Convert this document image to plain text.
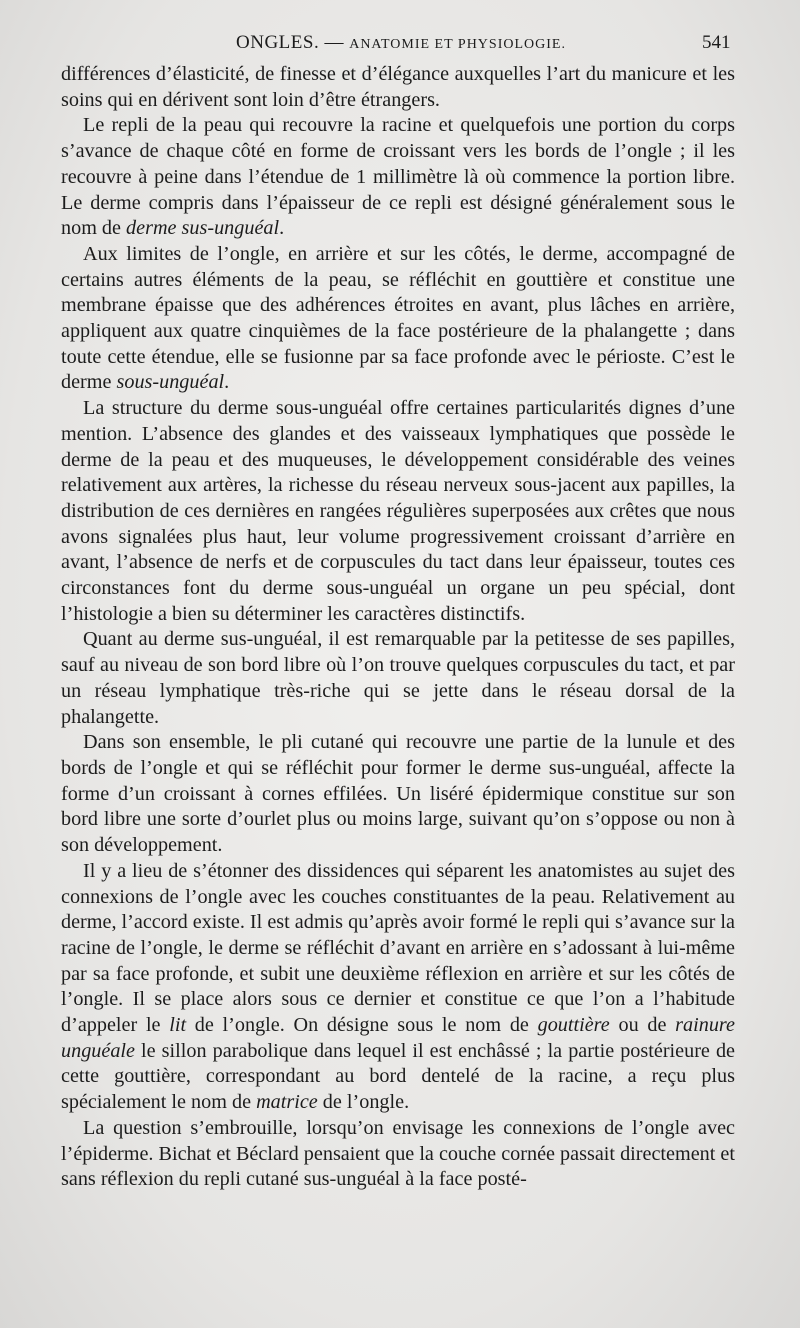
ONGLES. — ANATOMIE ET PHYSIOLOGIE.	541

différences d’élasticité, de finesse et d’élégance auxquelles l’art du manicure et les soins qui en dérivent sont loin d’être étrangers.

Le repli de la peau qui recouvre la racine et quelquefois une portion du corps s’avance de chaque côté en forme de croissant vers les bords de l’ongle ; il les recouvre à peine dans l’étendue de 1 millimètre là où commence la portion libre. Le derme compris dans l’épaisseur de ce repli est désigné généralement sous le nom de derme sus-unguéal.

Aux limites de l’ongle, en arrière et sur les côtés, le derme, accompagné de certains autres éléments de la peau, se réfléchit en gouttière et constitue une membrane épaisse que des adhérences étroites en avant, plus lâches en arrière, appliquent aux quatre cinquièmes de la face postérieure de la phalangette ; dans toute cette étendue, elle se fusionne par sa face profonde avec le périoste. C’est le derme sous-unguéal.

La structure du derme sous-unguéal offre certaines particularités dignes d’une mention. L’absence des glandes et des vaisseaux lymphatiques que possède le derme de la peau et des muqueuses, le développement considérable des veines relativement aux artères, la richesse du réseau nerveux sous-jacent aux papilles, la distribution de ces dernières en rangées régulières superposées aux crêtes que nous avons signalées plus haut, leur volume progressivement croissant d’arrière en avant, l’absence de nerfs et de corpuscules du tact dans leur épaisseur, toutes ces circonstances font du derme sous-unguéal un organe un peu spécial, dont l’histologie a bien su déterminer les caractères distinctifs.

Quant au derme sus-unguéal, il est remarquable par la petitesse de ses papilles, sauf au niveau de son bord libre où l’on trouve quelques corpuscules du tact, et par un réseau lymphatique très-riche qui se jette dans le réseau dorsal de la phalangette.

Dans son ensemble, le pli cutané qui recouvre une partie de la lunule et des bords de l’ongle et qui se réfléchit pour former le derme sus-unguéal, affecte la forme d’un croissant à cornes effilées. Un liséré épidermique constitue sur son bord libre une sorte d’ourlet plus ou moins large, suivant qu’on s’oppose ou non à son développement.

Il y a lieu de s’étonner des dissidences qui séparent les anatomistes au sujet des connexions de l’ongle avec les couches constituantes de la peau. Relativement au derme, l’accord existe. Il est admis qu’après avoir formé le repli qui s’avance sur la racine de l’ongle, le derme se réfléchit d’avant en arrière en s’adossant à lui-même par sa face profonde, et subit une deuxième réflexion en arrière et sur les côtés de l’ongle. Il se place alors sous ce dernier et constitue ce que l’on a l’habitude d’appeler le lit de l’ongle. On désigne sous le nom de gouttière ou de rainure unguéale le sillon parabolique dans lequel il est enchâssé ; la partie postérieure de cette gouttière, correspondant au bord dentelé de la racine, a reçu plus spécialement le nom de matrice de l’ongle.

La question s’embrouille, lorsqu’on envisage les connexions de l’ongle avec l’épiderme. Bichat et Béclard pensaient que la couche cornée passait directement et sans réflexion du repli cutané sus-unguéal à la face posté-
